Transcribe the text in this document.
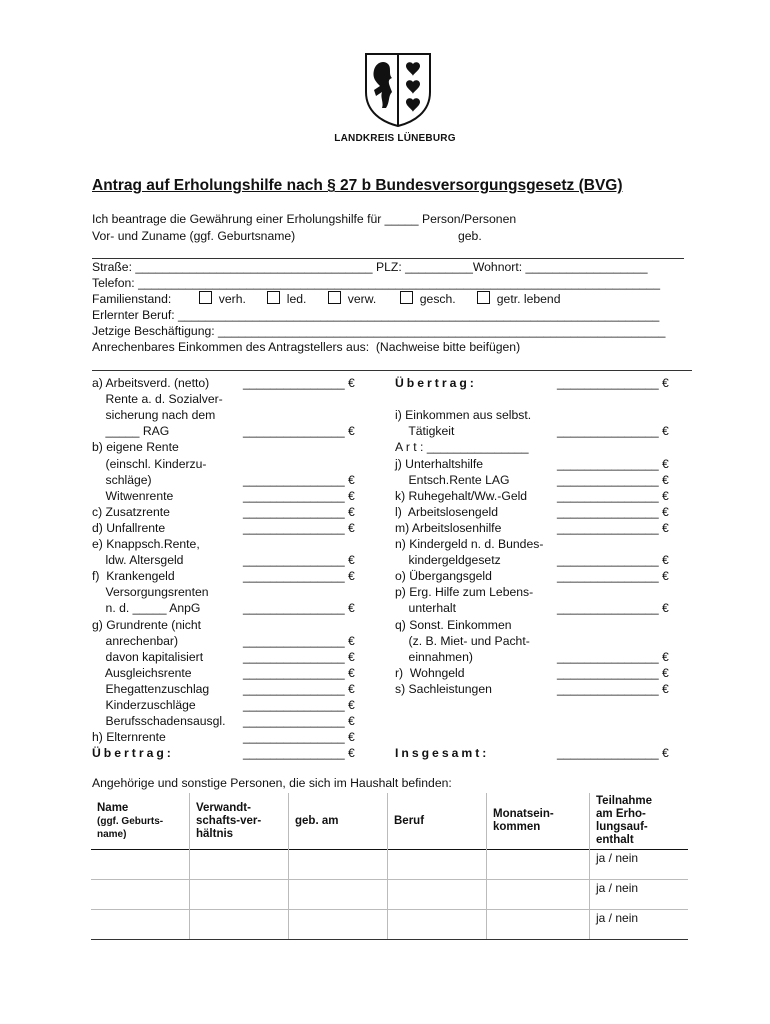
LANDKREIS LÜNEBURG
Antrag auf Erholungshilfe nach § 27 b Bundesversorgungsgesetz (BVG)
Ich beantrage die Gewährung einer Erholungshilfe für _____ Person/Personen
Vor- und Zuname (ggf. Geburtsname)	geb.
Straße: ___________________________________ PLZ: __________Wohnort: __________________
Telefon: _____________________________________________________________________________
Familienstand:	verh.	led.	verw.	gesch.	getr. lebend
Erlernter Beruf: _______________________________________________________________________
Jetzige Beschäftigung: __________________________________________________________________
Anrechenbares Einkommen des Antragstellers aus:  (Nachweise bitte beifügen)
Angehörige und sonstige Personen, die sich im Haushalt befinden:
Name
(ggf. Geburts-
name)	Verwandt-
schafts-ver-
hältnis	geb. am	Beruf	Monatsein-
kommen	Teilnahme
am Erho-
lungsauf-
enthalt
					ja / nein
					ja / nein
					ja / nein
a) Arbeitsverd. (netto)	_______________ €
Rente a. d. Sozialver-
sicherung nach dem
_____ RAG	_______________ €
b) eigene Rente
(einschl. Kinderzu-
schläge)	_______________ €
Witwenrente	_______________ €
c) Zusatzrente	_______________ €
d) Unfallrente	_______________ €
e) Knappsch.Rente,
ldw. Altersgeld	_______________ €
f)  Krankengeld	_______________ €
Versorgungsrenten
n. d. _____ AnpG	_______________ €
g) Grundrente (nicht
anrechenbar)	_______________ €
davon kapitalisiert	_______________ €
Ausgleichsrente	_______________ €
Ehegattenzuschlag	_______________ €
Kinderzuschläge	_______________ €
Berufsschadensausgl. _______________ €
h) Elternrente	_______________ €
Übertrag:	_______________ €
Übertrag:	_______________ €
i) Einkommen aus selbst.
Tätigkeit	_______________ €
A r t : _______________
j) Unterhaltshilfe	_______________ €
Entsch.Rente LAG	_______________ €
k) Ruhegehalt/Ww.-Geld _______________ €
l)  Arbeitslosengeld	_______________ €
m) Arbeitslosenhilfe	_______________ €
n) Kindergeld n. d. Bundes-
kindergeldgesetz	_______________ €
o) Übergangsgeld	_______________ €
p) Erg. Hilfe zum Lebens-
unterhalt	_______________ €
q) Sonst. Einkommen
(z. B. Miet- und Pacht-
einnahmen)	_______________ €
r)  Wohngeld	_______________ €
s) Sachleistungen	_______________ €
Insgesamt:	_______________ €
